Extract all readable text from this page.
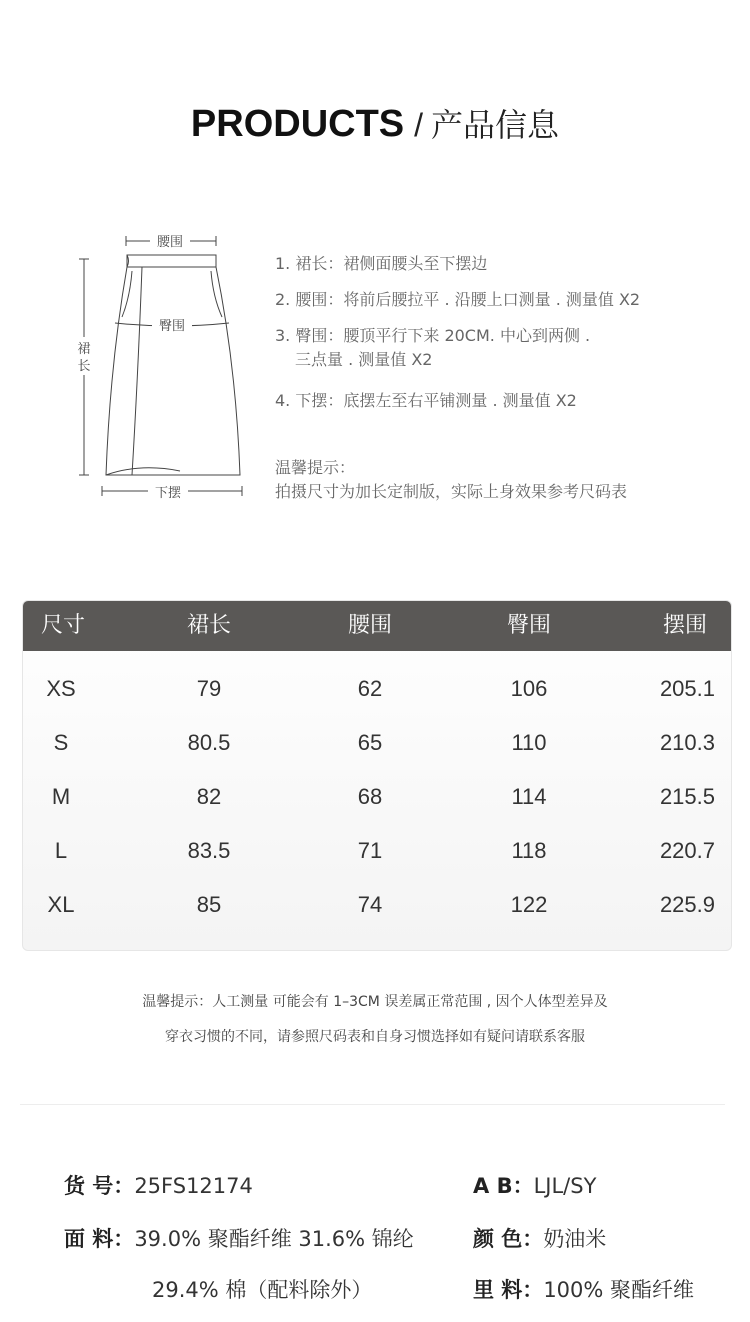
PRODUCTS / 产品信息
腰围
臀围
裙
长
下摆
1. 裙长：裙侧面腰头至下摆边
2. 腰围：将前后腰拉平 . 沿腰上口测量 . 测量值 X2
3. 臀围：腰顶平行下来 20CM. 中心到两侧 .
三点量 . 测量值 X2
4. 下摆：底摆左至右平铺测量 . 测量值 X2
温馨提示：
拍摄尺寸为加长定制版，实际上身效果参考尺码表
尺寸	裙长	腰围	臀围	摆围
XS	79	62	106	205.1
S	80.5	65	110	210.3
M	82	68	114	215.5
L	83.5	71	118	220.7
XL	85	74	122	225.9
温馨提示：人工测量 可能会有 1–3CM 误差属正常范围 , 因个人体型差异及
穿衣习惯的不同，请参照尺码表和自身习惯选择如有疑问请联系客服
货 号：25FS12174	A B：LJL/SY
面 料：39.0% 聚酯纤维 31.6% 锦纶
29.4% 棉（配料除外）
颜 色：奶油米
里 料：100% 聚酯纤维
